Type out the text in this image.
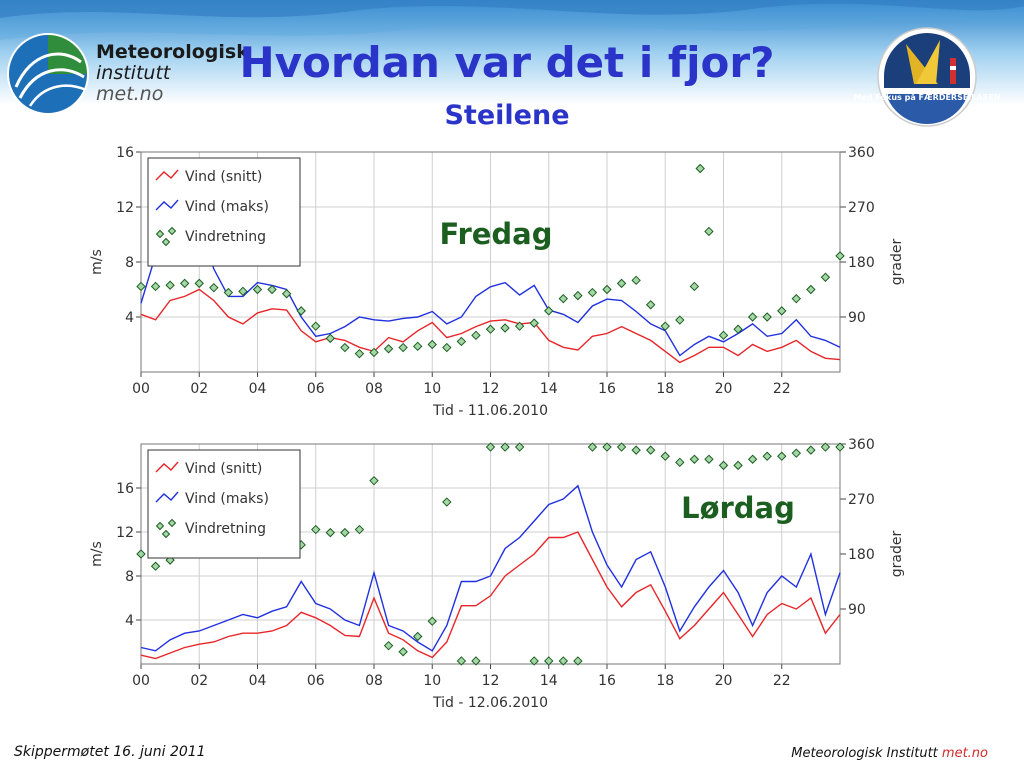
Meteorologisk
institutt
met.no
Hvordan var det i fjor?
Steilene
Med Fokus på FÆRDERSEILASEN
4
8
12
16
90
180
270
360
00	02	04	06	08	10	12	14	16	18	20	22
Vind (snitt)
Vind (maks)
Vindretning
Tid - 11.06.2010
m/s	grader
Fredag
4
8
12
16
90
180
270
360
00	02	04	06	08	10	12	14	16	18	20	22
Vind (snitt)
Vind (maks)
Vindretning
Tid - 12.06.2010
m/s	grader
Lørdag
Skippermøtet 16. juni 2011	Meteorologisk Institutt met.no
